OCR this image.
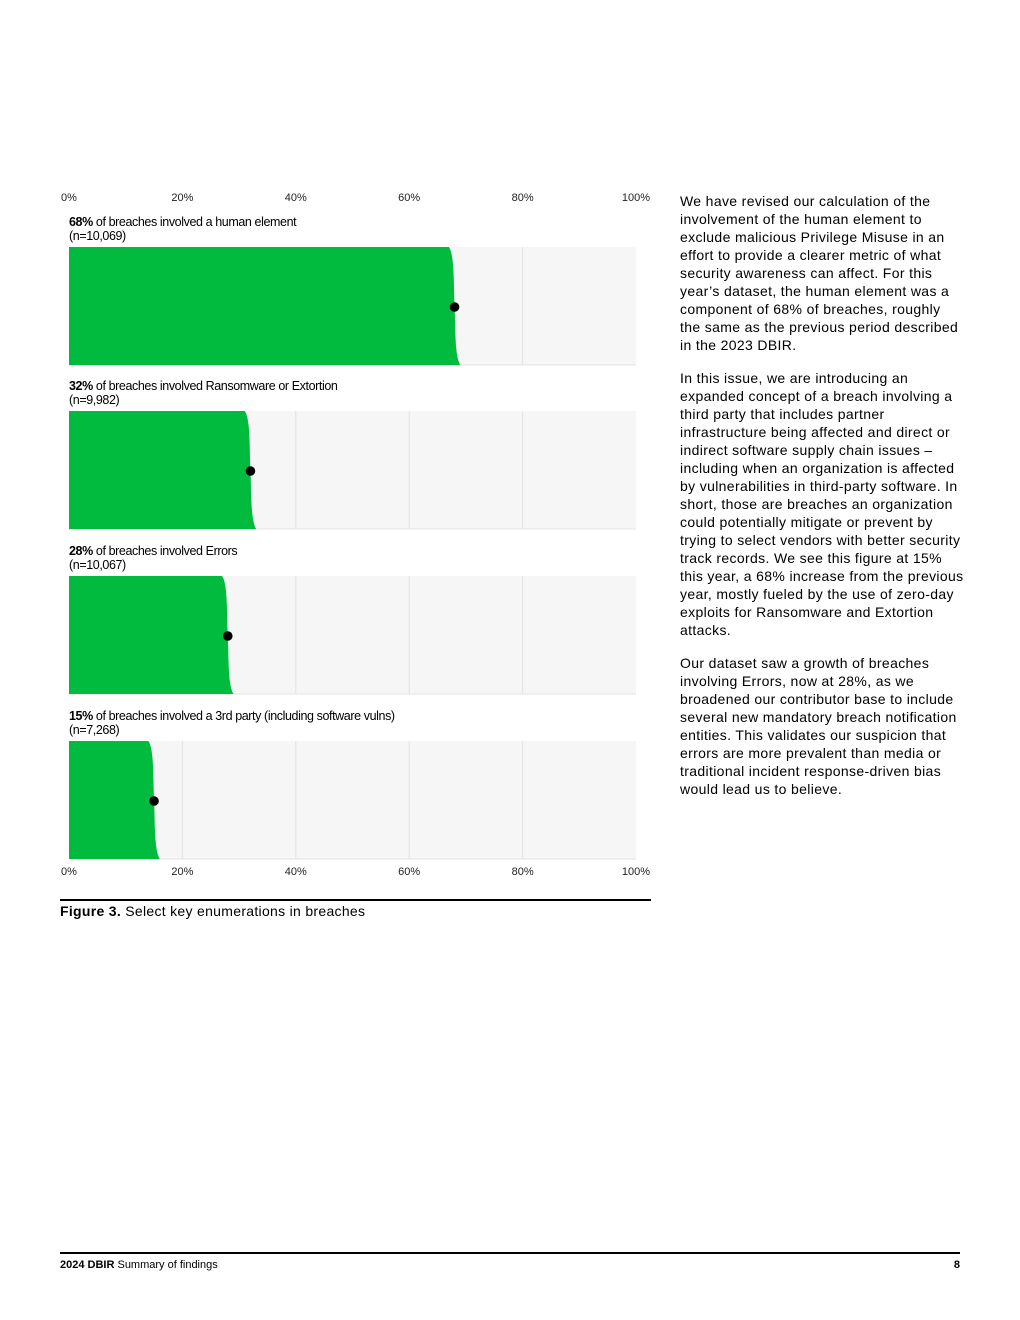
0%
0%
20%
20%
40%
40%
60%
60%
80%
80%
100%
100%
68% of breaches involved a human element
(n=10,069)
32% of breaches involved Ransomware or Extortion
(n=9,982)
28% of breaches involved Errors
(n=10,067)
15% of breaches involved a 3rd party (including software vulns)
(n=7,268)
Figure 3. Select key enumerations in breaches

We have revised our calculation of the involvement of the human element to exclude malicious Privilege Misuse in an effort to provide a clearer metric of what security awareness can affect. For this year’s dataset, the human element was a component of 68% of breaches, roughly the same as the previous period described in the 2023 DBIR.

In this issue, we are introducing an expanded concept of a breach involving a third party that includes partner infrastructure being affected and direct or indirect software supply chain issues – including when an organization is affected by vulnerabilities in third-party software. In short, those are breaches an organization could potentially mitigate or prevent by trying to select vendors with better security track records. We see this figure at 15% this year, a 68% increase from the previous year, mostly fueled by the use of zero-day exploits for Ransomware and Extortion attacks.

Our dataset saw a growth of breaches involving Errors, now at 28%, as we broadened our contributor base to include several new mandatory breach notification entities. This validates our suspicion that errors are more prevalent than media or traditional incident response-driven bias would lead us to believe.

2024 DBIR Summary of findings	8
